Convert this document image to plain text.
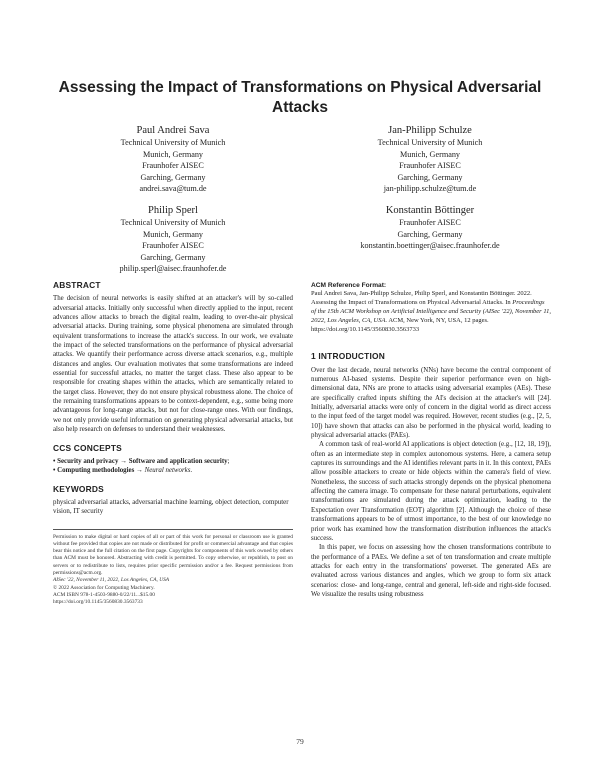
Assessing the Impact of Transformations on Physical Adversarial Attacks
Paul Andrei Sava
Technical University of Munich
Munich, Germany
Fraunhofer AISEC
Garching, Germany
andrei.sava@tum.de
Jan-Philipp Schulze
Technical University of Munich
Munich, Germany
Fraunhofer AISEC
Garching, Germany
jan-philipp.schulze@tum.de
Philip Sperl
Technical University of Munich
Munich, Germany
Fraunhofer AISEC
Garching, Germany
philip.sperl@aisec.fraunhofer.de
Konstantin Böttinger
Fraunhofer AISEC
Garching, Germany
konstantin.boettinger@aisec.fraunhofer.de
ABSTRACT

The decision of neural networks is easily shifted at an attacker's will by so-called adversarial attacks. Initially only successful when directly applied to the input, recent advances allow attacks to breach the digital realm, leading to over-the-air physical adversarial attacks. During training, some physical phenomena are simulated through equivalent transformations to increase the attack's success. In our work, we evaluate the impact of the selected transformations on the performance of physical adversarial attacks. We quantify their performance across diverse attack scenarios, e.g., multiple distances and angles. Our evaluation motivates that some transformations are indeed essential for successful attacks, no matter the target class. These also appear to be responsible for creating shapes within the attacks, which are semantically related to the target class. However, they do not ensure physical robustness alone. The choice of the remaining transformations appears to be context-dependent, e.g., some being more advantageous for long-range attacks, but not for close-range ones. With our findings, we not only provide useful information on generating physical adversarial attacks, but also help research on defenses to understand their weaknesses.

CCS CONCEPTS

• Security and privacy → Software and application security;

• Computing methodologies → Neural networks.

KEYWORDS

physical adversarial attacks, adversarial machine learning, object detection, computer vision, IT security

Permission to make digital or hard copies of all or part of this work for personal or classroom use is granted without fee provided that copies are not made or distributed for profit or commercial advantage and that copies bear this notice and the full citation on the first page. Copyrights for components of this work owned by others than ACM must be honored. Abstracting with credit is permitted. To copy otherwise, or republish, to post on servers or to redistribute to lists, requires prior specific permission and/or a fee. Request permissions from permissions@acm.org.

AISec '22, November 11, 2022, Los Angeles, CA, USA

© 2022 Association for Computing Machinery.

ACM ISBN 978-1-4503-9880-0/22/11...$15.00

https://doi.org/10.1145/3560830.3563733

ACM Reference Format:

Paul Andrei Sava, Jan-Philipp Schulze, Philip Sperl, and Konstantin Böttinger. 2022. Assessing the Impact of Transformations on Physical Adversarial Attacks. In Proceedings of the 15th ACM Workshop on Artificial Intelligence and Security (AISec '22), November 11, 2022, Los Angeles, CA, USA. ACM, New York, NY, USA, 12 pages. https://doi.org/10.1145/3560830.3563733

1 INTRODUCTION

Over the last decade, neural networks (NNs) have become the central component of numerous AI-based systems. Despite their superior performance even on high-dimensional data, NNs are prone to attacks using adversarial examples (AEs). These are specifically crafted inputs shifting the AI's decision at the attacker's will [24]. Initially, adversarial attacks were only of concern in the digital world as direct access to the input feed of the target model was required. However, recent studies (e.g., [2, 5, 10]) have shown that attacks can also be performed in the physical world, leading to physical adversarial attacks (PAEs).

A common task of real-world AI applications is object detection (e.g., [12, 18, 19]), often as an intermediate step in complex autonomous systems. Here, a camera setup captures its surroundings and the AI identifies relevant parts in it. In this context, PAEs allow possible attackers to create or hide objects within the camera's field of view. Nonetheless, the success of such attacks strongly depends on the physical phenomena affecting the camera image. To compensate for these natural perturbations, equivalent transformations are simulated during the attack optimization, leading to the Expectation over Transformation (EOT) algorithm [2]. Although the choice of these transformations appears to be of utmost importance, to the best of our knowledge no prior work has examined how the transformation distribution influences the attack's success.

In this paper, we focus on assessing how the chosen transformations contribute to the performance of a PAEs. We define a set of ten transformation and create multiple attacks for each entry in the transformations' powerset. The generated AEs are evaluated across various distances and angles, which we group to form six attack scenarios: close- and long-range, central and general, left-side and right-side focused. We visualize the results using robustness

79
